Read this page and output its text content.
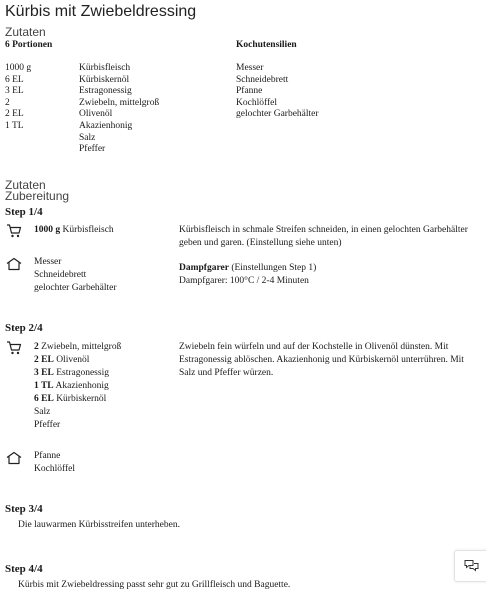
Kürbis mit Zwiebeldressing
Zutaten
6 Portionen	Kochutensilien
1000 g
6 EL
3 EL
2
2 EL
1 TL
Kürbisfleisch
Kürbiskernöl
Estragonessig
Zwiebeln, mittelgroß
Olivenöl
Akazienhonig
Salz
Pfeffer
Messer
Schneidebrett
Pfanne
Kochlöffel
gelochter Garbehälter
Zutaten
Zubereitung
Step 1/4
1000 g Kürbisfleisch
Messer
Schneidebrett
gelochter Garbehälter
Kürbisfleisch in schmale Streifen schneiden, in einen gelochten Garbehälter geben und garen. (Einstellung siehe unten)
Dampfgarer (Einstellungen Step 1)
Dampfgarer: 100°C / 2-4 Minuten
Step 2/4
2 Zwiebeln, mittelgroß
2 EL Olivenöl
3 EL Estragonessig
1 TL Akazienhonig
6 EL Kürbiskernöl
Salz
Pfeffer
Pfanne
Kochlöffel
Zwiebeln fein würfeln und auf der Kochstelle in Olivenöl dünsten. Mit Estragonessig ablöschen. Akazienhonig und Kürbiskernöl unterrühren. Mit Salz und Pfeffer würzen.
Step 3/4
Die lauwarmen Kürbisstreifen unterheben.
Step 4/4
Kürbis mit Zwiebeldressing passt sehr gut zu Grillfleisch und Baguette.
